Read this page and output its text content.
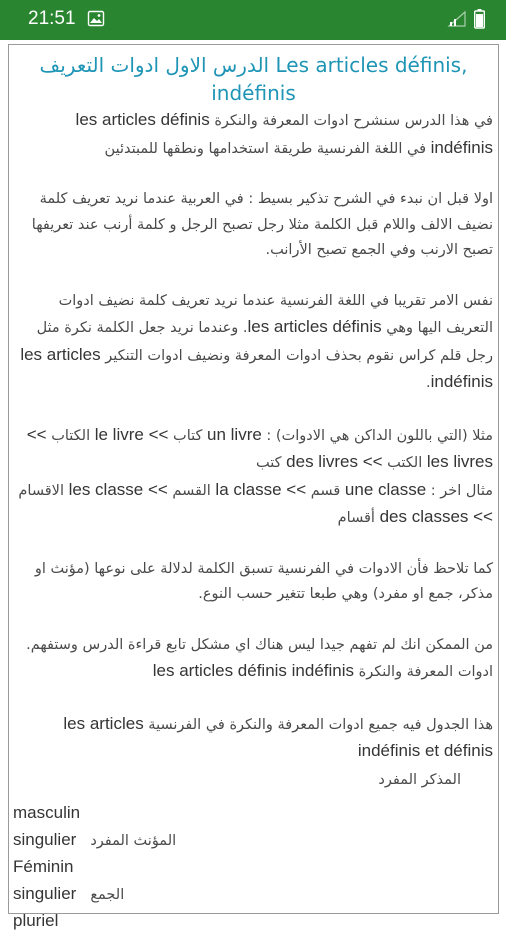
21:51
الدرس الاول ادوات التعريف Les articles définis, indéfinis

في هذا الدرس سنشرح ادوات المعرفة والنكرة les articles définis indéfinis في اللغة الفرنسية طريقة استخدامها ونطقها للمبتدئين

اولا قبل ان نبدء في الشرح تذكير بسيط : في العربية عندما نريد تعريف كلمة نضيف الالف واللام قبل الكلمة مثلا رجل تصبح الرجل و كلمة أرنب عند تعريفها تصبح الارنب وفي الجمع تصبح الأرانب.

نفس الامر تقريبا في اللغة الفرنسية عندما نريد تعريف كلمة نضيف ادوات التعريف اليها وهي les articles définis. وعندما نريد جعل الكلمة نكرة مثل رجل قلم كراس نقوم بحذف ادوات المعرفة ونضيف ادوات التنكير les articles indéfinis.

مثلا (التي باللون الداكن هي الادوات) : un livre كتاب >> le livre الكتاب >> les livres الكتب >> des livres كتب

مثال اخر : une classe قسم >> la classe القسم >> les classe الاقسام >> des classes أقسام

كما تلاحظ فأن الادوات في الفرنسية تسبق الكلمة لدلالة على نوعها (مؤنث او مذكر، جمع او مفرد) وهي طبعا تتغير حسب النوع.

من الممكن انك لم تفهم جيدا ليس هناك اي مشكل تابع قراءة الدرس وستفهم.

ادوات المعرفة والنكرة les articles définis indéfinis

هذا الجدول فيه جميع ادوات المعرفة والنكرة في الفرنسية les articles indéfinis et définis

المذكر المفرد

masculin

singulier المؤنث المفرد

Féminin

singulier الجمع

pluriel
